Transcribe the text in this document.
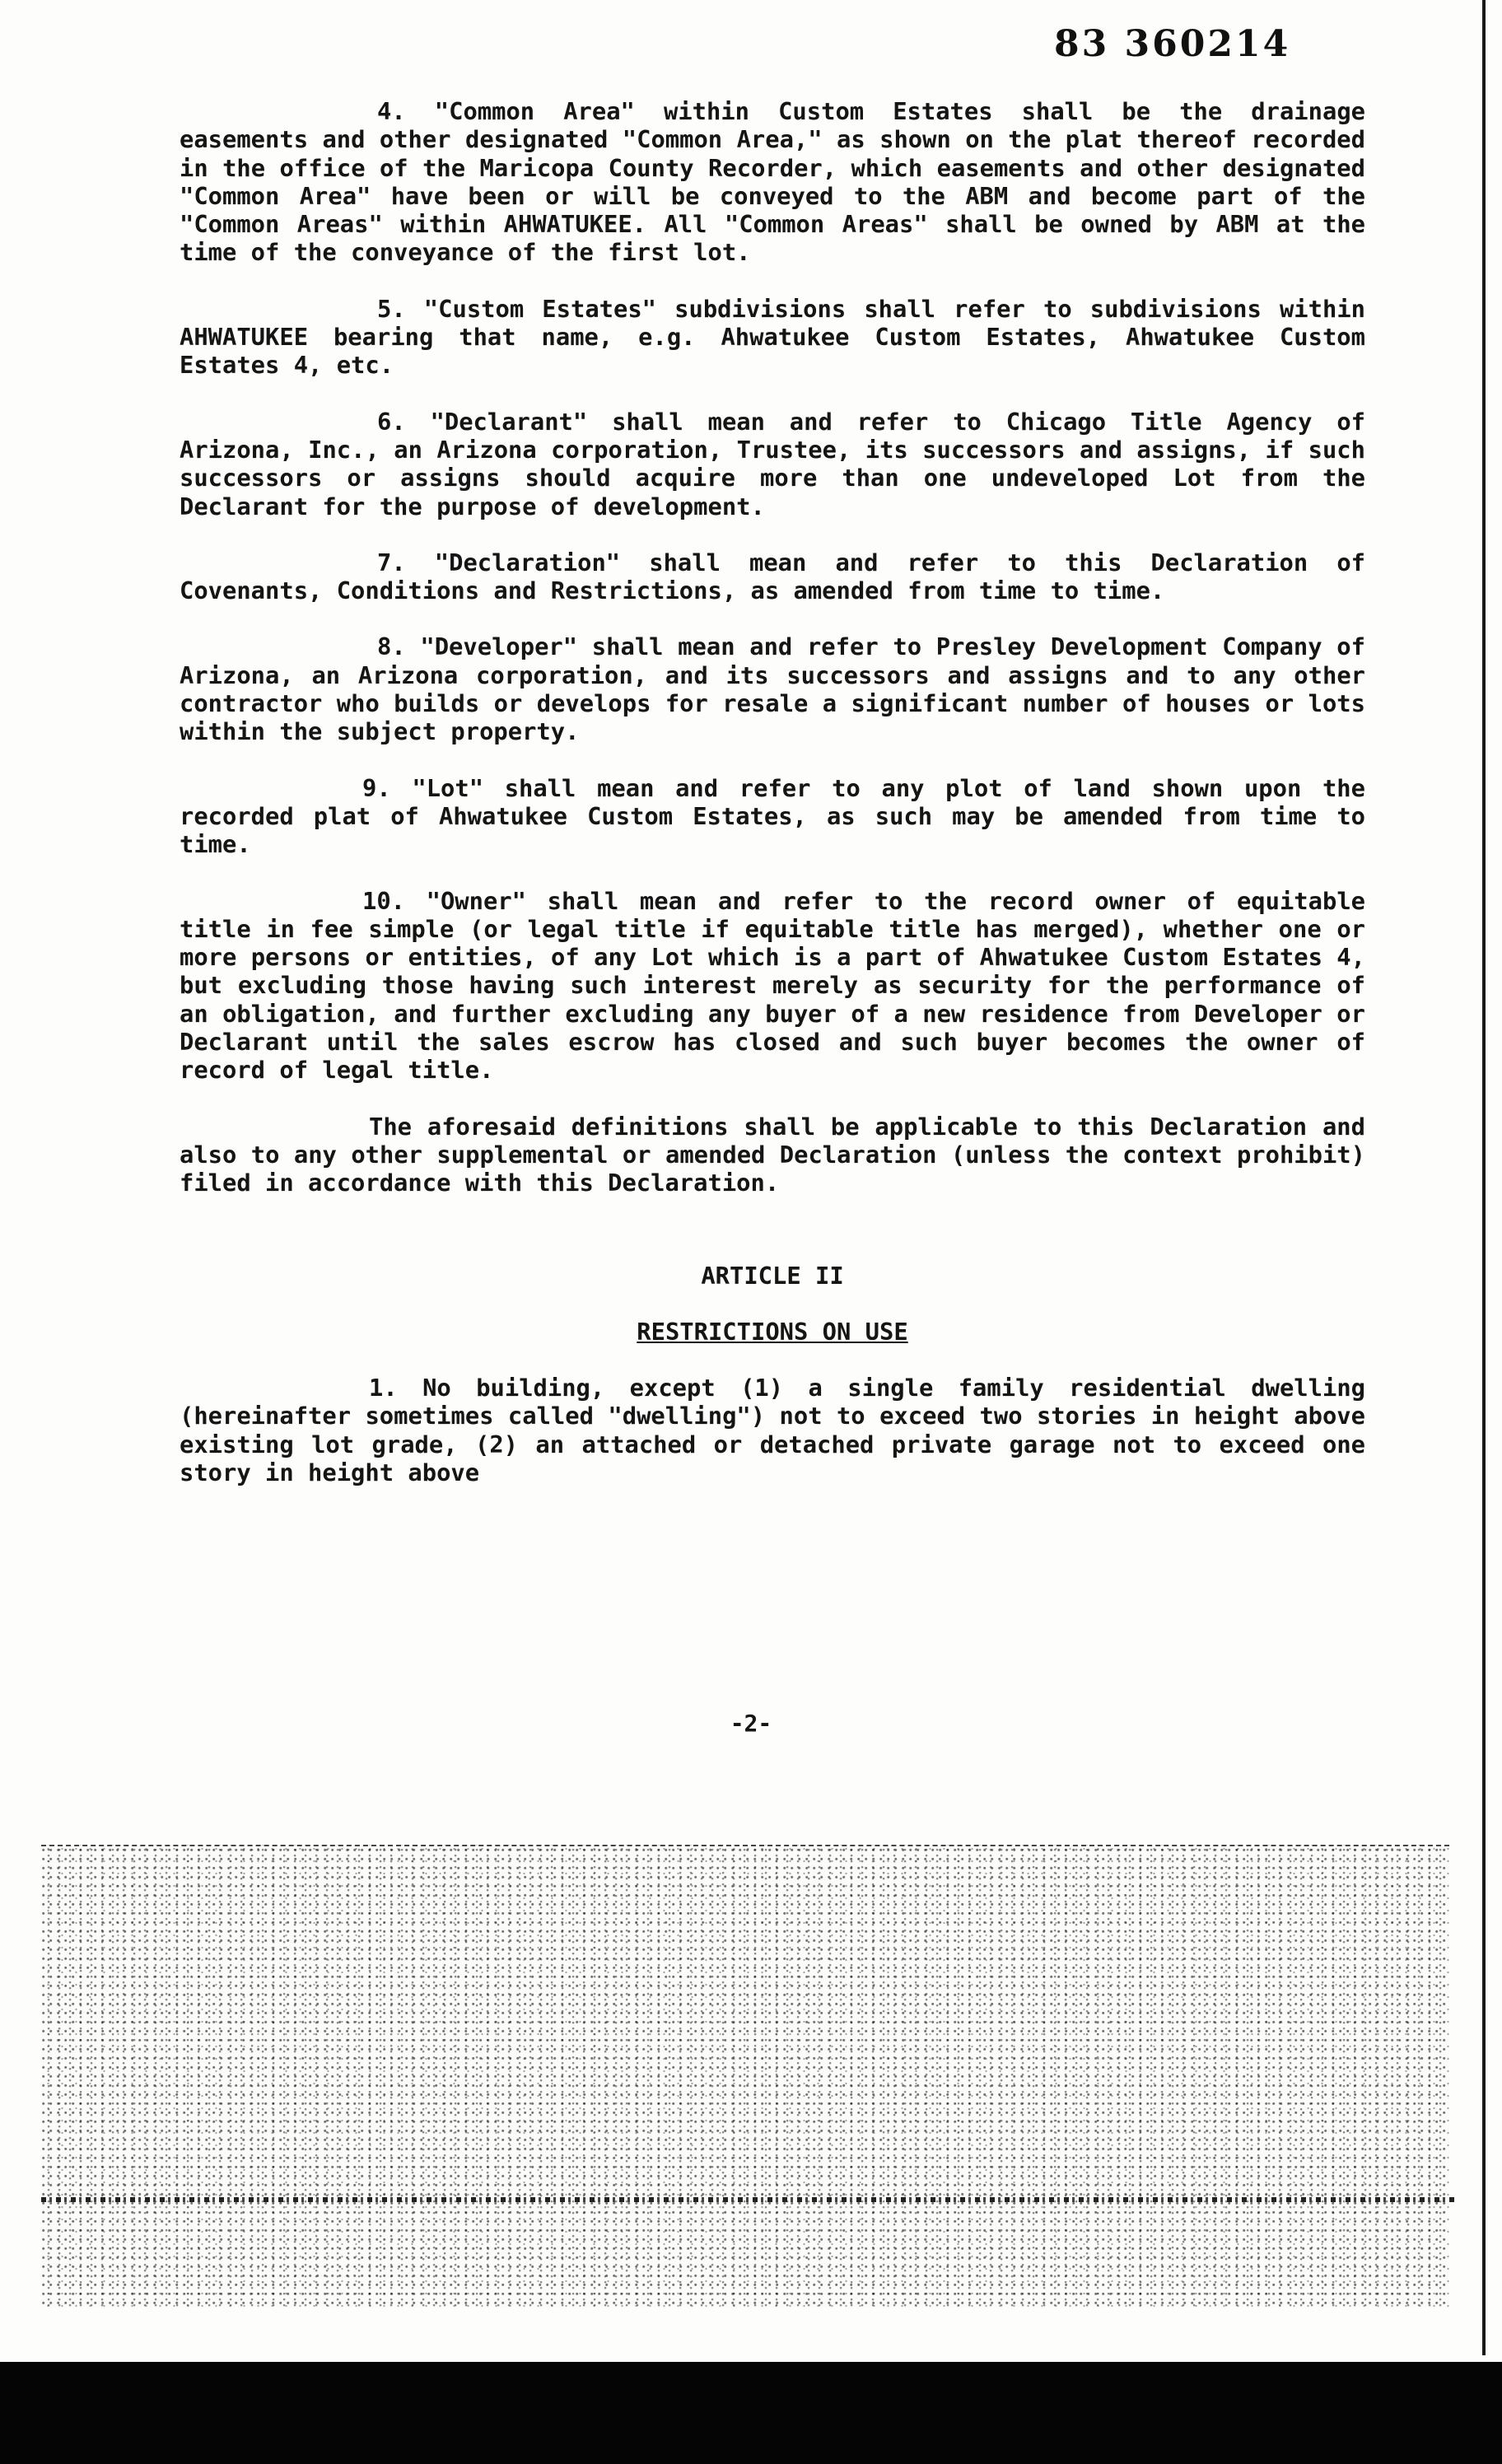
83 360214

4. "Common Area" within Custom Estates shall be the drainage easements and other designated "Common Area," as shown on the plat thereof recorded in the office of the Maricopa County Recorder, which easements and other designated "Common Area" have been or will be conveyed to the ABM and become part of the "Common Areas" within AHWATUKEE. All "Common Areas" shall be owned by ABM at the time of the conveyance of the first lot.

5. "Custom Estates" subdivisions shall refer to subdivisions within AHWATUKEE bearing that name, e.g. Ahwatukee Custom Estates, Ahwatukee Custom Estates 4, etc.

6. "Declarant" shall mean and refer to Chicago Title Agency of Arizona, Inc., an Arizona corporation, Trustee, its successors and assigns, if such successors or assigns should acquire more than one undeveloped Lot from the Declarant for the purpose of development.

7. "Declaration" shall mean and refer to this Declaration of Covenants, Conditions and Restrictions, as amended from time to time.

8. "Developer" shall mean and refer to Presley Development Company of Arizona, an Arizona corporation, and its successors and assigns and to any other contractor who builds or develops for resale a significant number of houses or lots within the subject property.

9. "Lot" shall mean and refer to any plot of land shown upon the recorded plat of Ahwatukee Custom Estates, as such may be amended from time to time.

10. "Owner" shall mean and refer to the record owner of equitable title in fee simple (or legal title if equitable title has merged), whether one or more persons or entities, of any Lot which is a part of Ahwatukee Custom Estates 4, but excluding those having such interest merely as security for the performance of an obligation, and further excluding any buyer of a new residence from Developer or Declarant until the sales escrow has closed and such buyer becomes the owner of record of legal title.

The aforesaid definitions shall be applicable to this Declaration and also to any other supplemental or amended Declaration (unless the context prohibit) filed in accordance with this Declaration.

ARTICLE II
RESTRICTIONS ON USE

1. No building, except (1) a single family residential dwelling (hereinafter sometimes called "dwelling") not to exceed two stories in height above existing lot grade, (2) an attached or detached private garage not to exceed one story in height above

-2-
